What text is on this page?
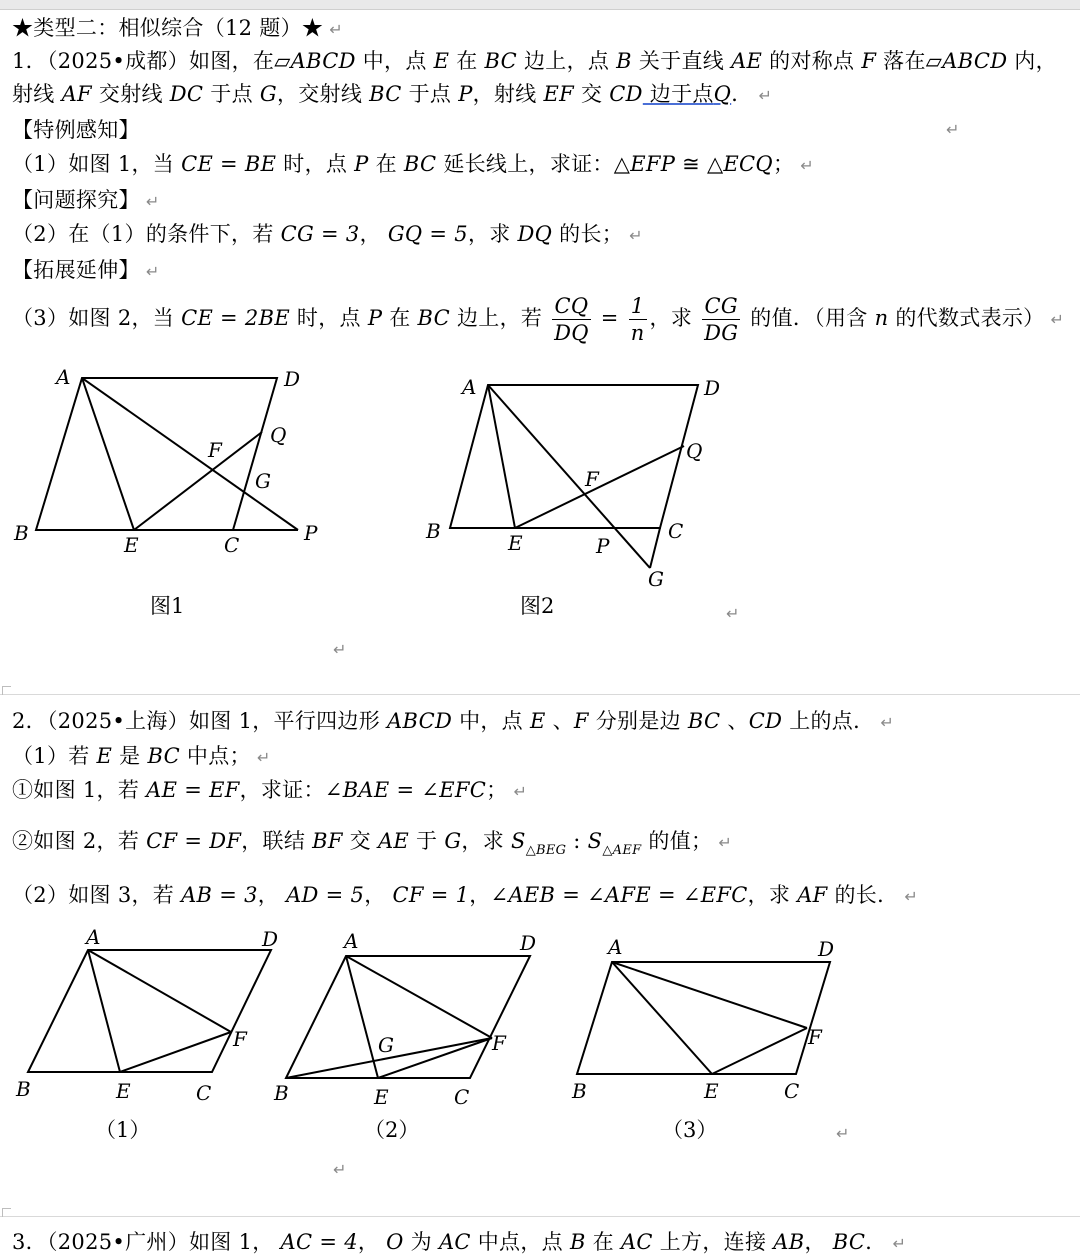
★类型二：相似综合（12 题）★ ↵
1．（2025•成都）如图，在▱ABCD 中，点 E 在 BC 边上，点 B 关于直线 AE 的对称点 F 落在▱ABCD 内，
射线 AF 交射线 DC 于点 G，交射线 BC 于点 P，射线 EF 交 CD 边于点Q． ↵
【特例感知】	↵
（1）如图 1，当 CE = BE 时，点 P 在 BC 延长线上，求证：△EFP ≅ △ECQ； ↵
【问题探究】 ↵
（2）在（1）的条件下，若 CG = 3， GQ = 5，求 DQ 的长； ↵
【拓展延伸】 ↵
（3）如图 2，当 CE = 2BE 时，点 P 在 BC 边上，若 $\frac{CQ}{DQ} = \frac{1}{n}$ ，求 $\frac{CG}{DG}$ 的值．（用含 n 的代数式表示） ↵
A	D
B	E	C	P
F
G
Q
图1
A	D
B	E	C
P
F
G
Q
图2	↵
↵
2．（2025•上海）如图 1，平行四边形 ABCD 中，点 E 、F 分别是边 BC 、CD 上的点． ↵
（1）若 E 是 BC 中点； ↵
①如图 1，若 AE = EF，求证：∠BAE = ∠EFC； ↵
②如图 2，若 CF = DF，联结 BF 交 AE 于 G，求 $S_{\triangle BEG}$ : $S_{\triangle AEF}$ 的值； ↵
（2）如图 3，若 AB = 3， AD = 5， CF = 1，∠AEB = ∠AFE = ∠EFC，求 AF 的长． ↵
A	D
B	E	C
F
（1）
A	D
B	E	C
F
G
（2）
A	D
B	E	C
F
（3）	↵
↵
3．（2025•广州）如图 1， AC = 4， O 为 AC 中点，点 B 在 AC 上方，连接 AB， BC． ↵
